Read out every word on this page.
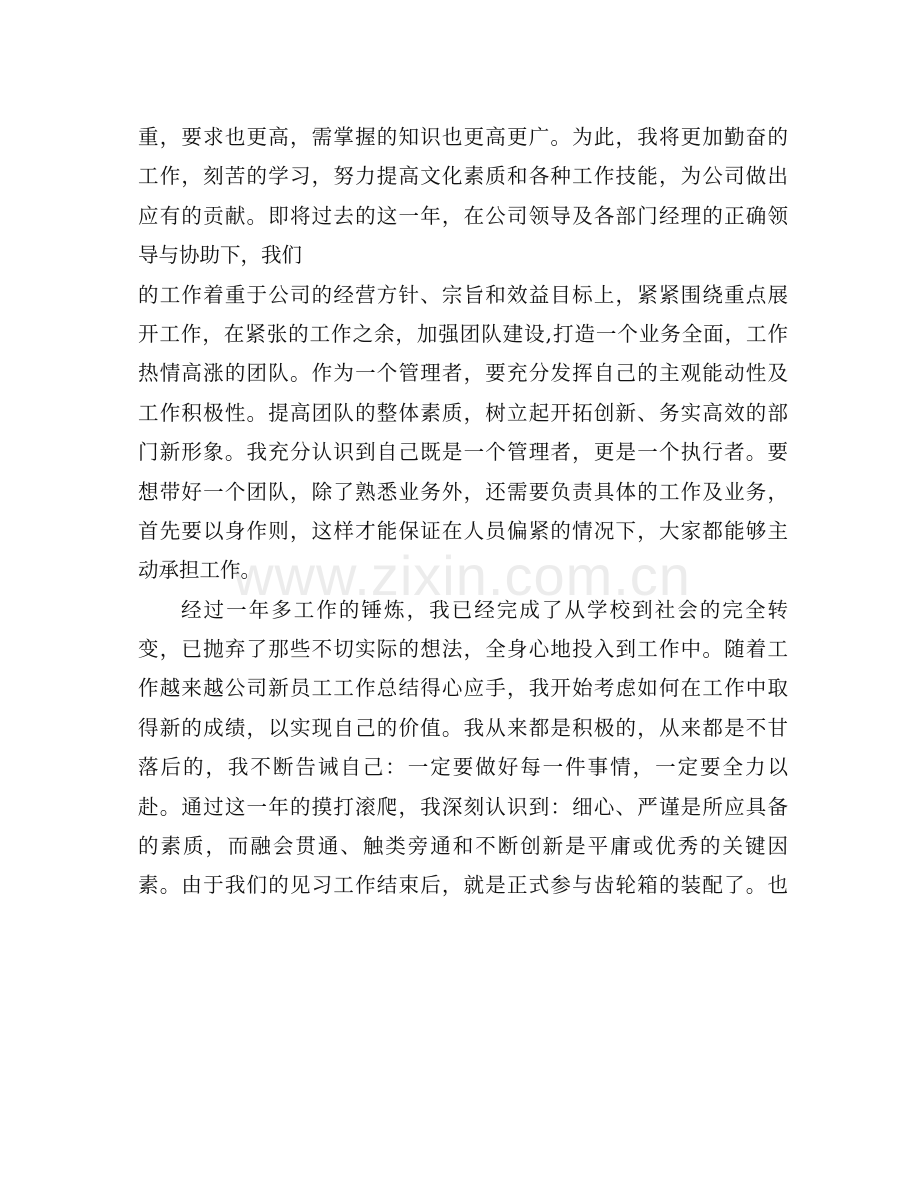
重，要求也更高，需掌握的知识也更高更广。为此，我将更加勤奋的
工作，刻苦的学习，努力提高文化素质和各种工作技能，为公司做出
应有的贡献。即将过去的这一年，在公司领导及各部门经理的正确领
导与协助下，我们
的工作着重于公司的经营方针、宗旨和效益目标上，紧紧围绕重点展
开工作，在紧张的工作之余，加强团队建设,打造一个业务全面，工作
热情高涨的团队。作为一个管理者，要充分发挥自己的主观能动性及
工作积极性。提高团队的整体素质，树立起开拓创新、务实高效的部
门新形象。我充分认识到自己既是一个管理者，更是一个执行者。要
想带好一个团队，除了熟悉业务外，还需要负责具体的工作及业务，
首先要以身作则，这样才能保证在人员偏紧的情况下，大家都能够主
动承担工作。
经过一年多工作的锤炼，我已经完成了从学校到社会的完全转
变，已抛弃了那些不切实际的想法，全身心地投入到工作中。随着工
作越来越公司新员工工作总结得心应手，我开始考虑如何在工作中取
得新的成绩，以实现自己的价值。我从来都是积极的，从来都是不甘
落后的，我不断告诫自己：一定要做好每一件事情，一定要全力以
赴。通过这一年的摸打滚爬，我深刻认识到：细心、严谨是所应具备
的素质，而融会贯通、触类旁通和不断创新是平庸或优秀的关键因
素。由于我们的见习工作结束后，就是正式参与齿轮箱的装配了。也
www.zixin.com.cn
